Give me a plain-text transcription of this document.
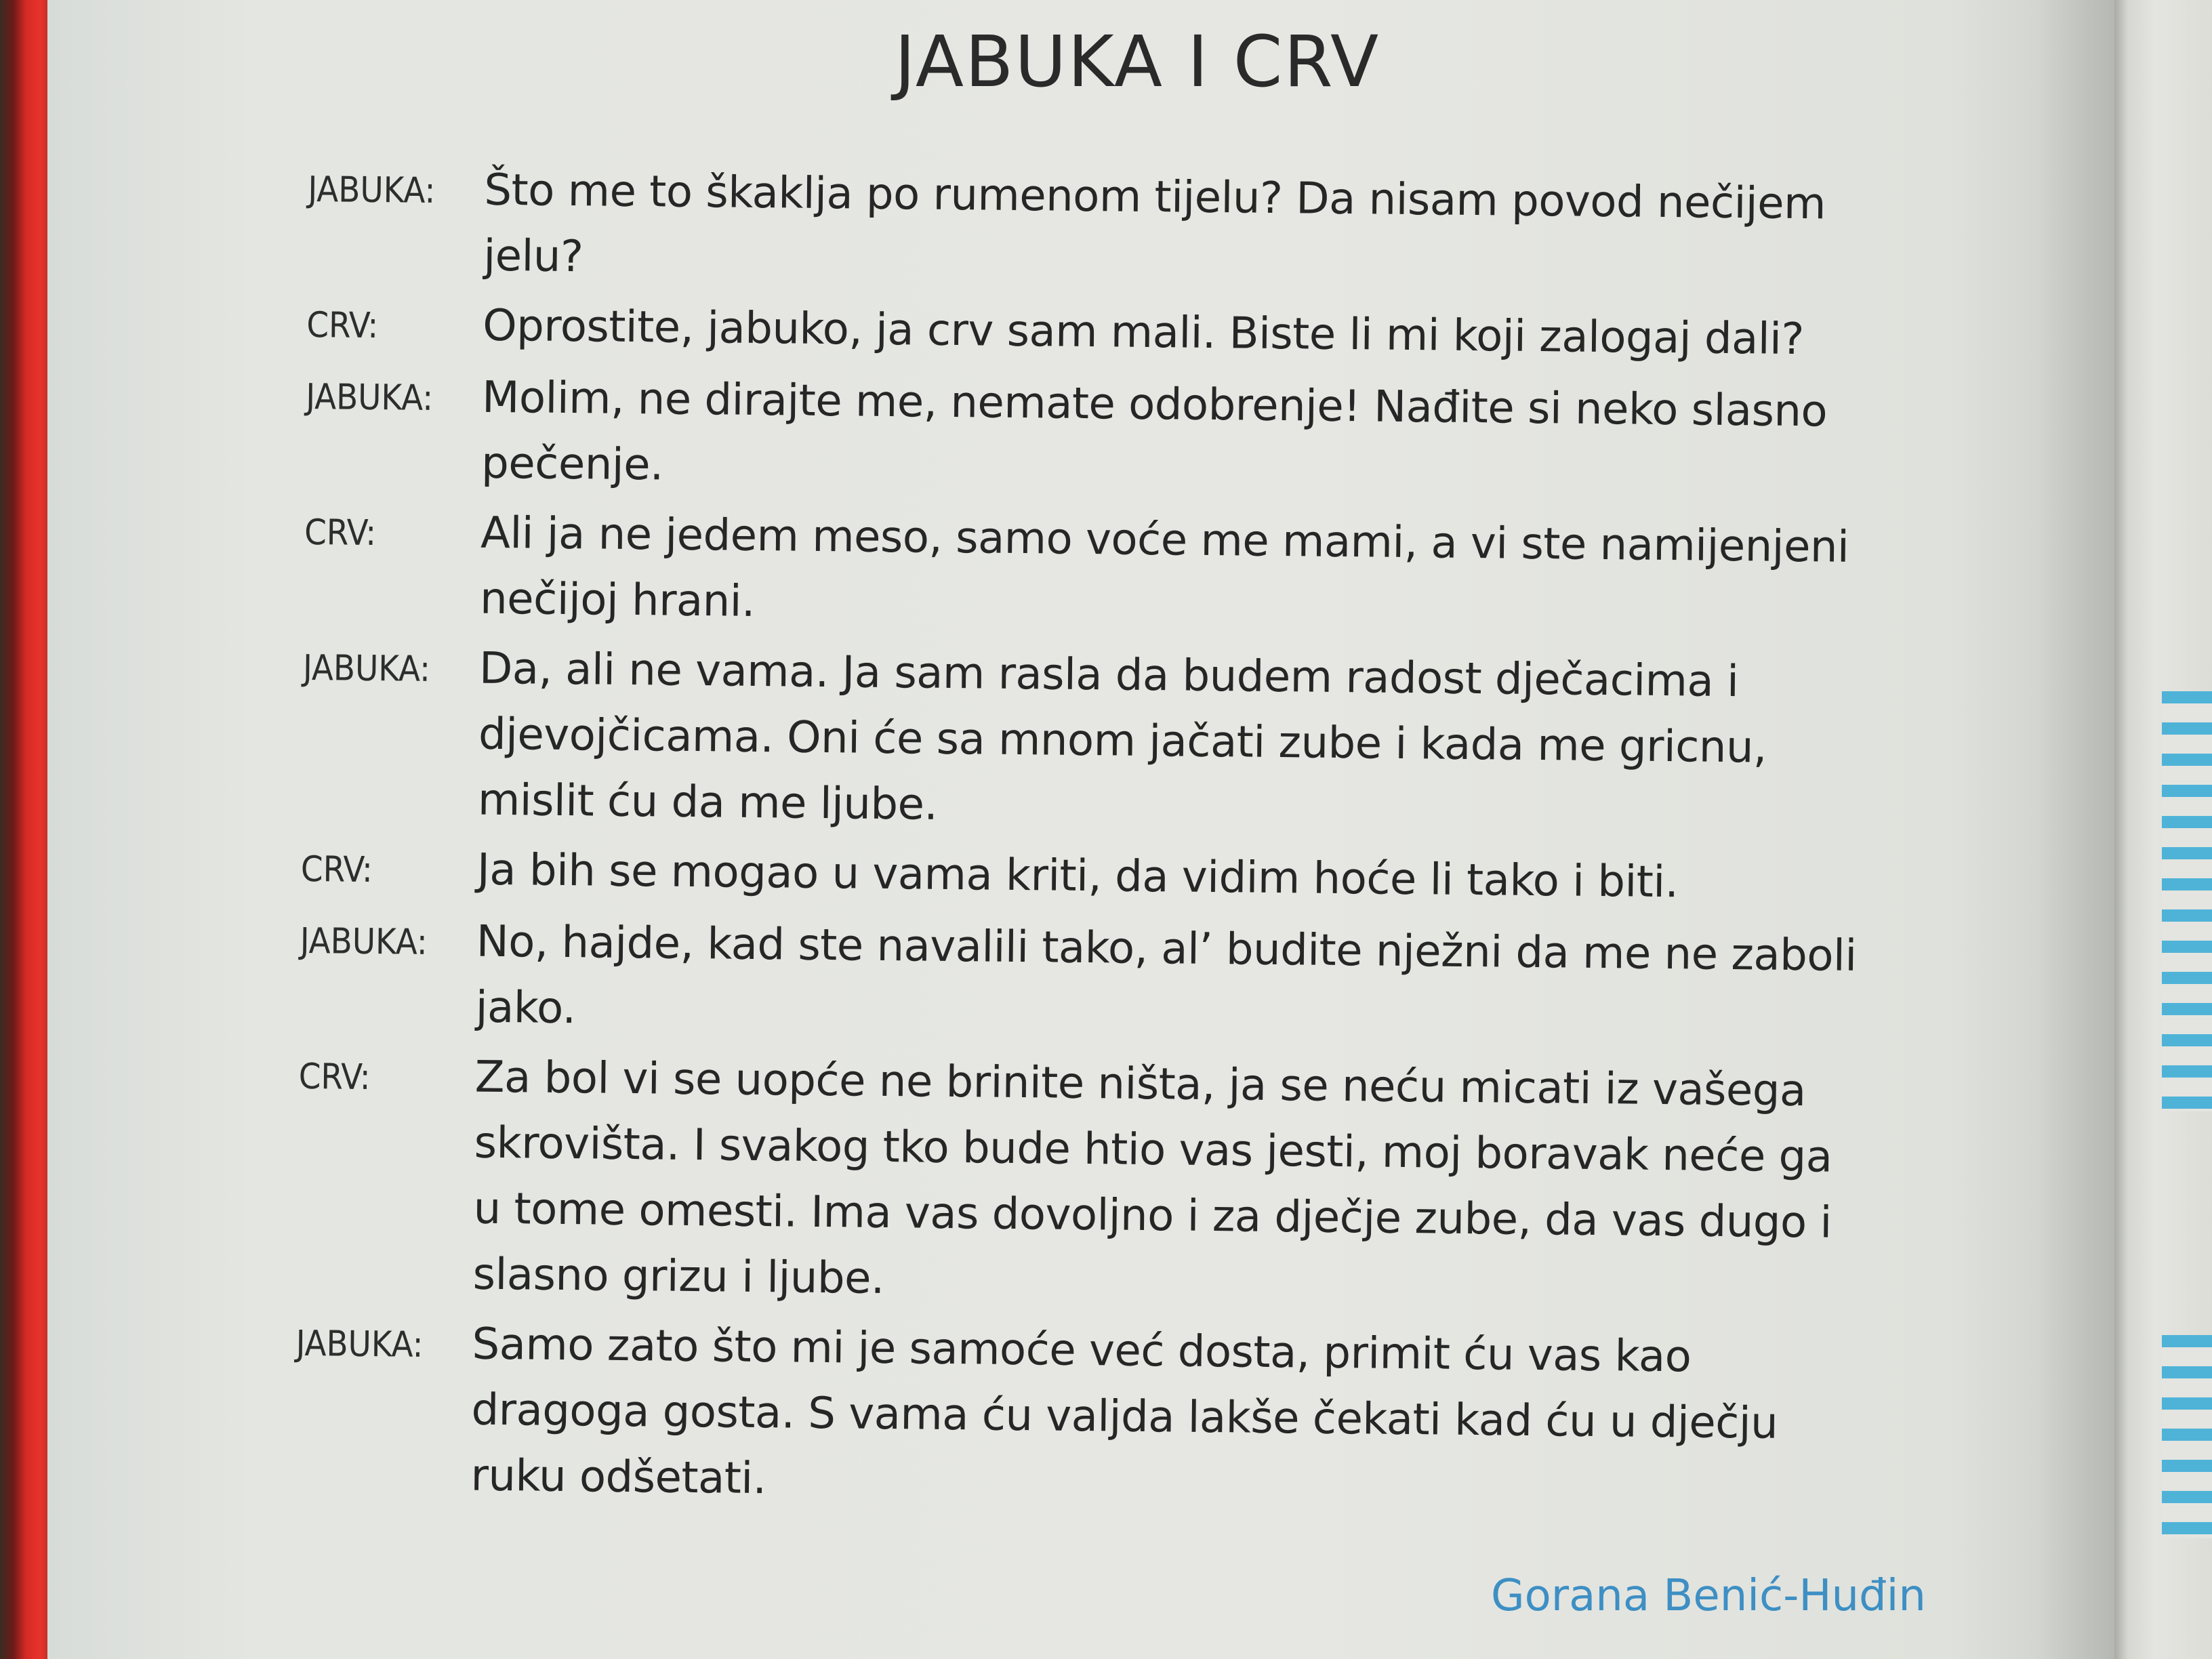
JABUKA I CRV
JABUKA:	Što me to škaklja po rumenom tijelu? Da nisam povod nečijem jelu?
CRV:	Oprostite, jabuko, ja crv sam mali. Biste li mi koji zalogaj dali?
JABUKA:	Molim, ne dirajte me, nemate odobrenje! Nađite si neko slasno pečenje.
CRV:	Ali ja ne jedem meso, samo voće me mami, a vi ste namijenjeni nečijoj hrani.
JABUKA:	Da, ali ne vama. Ja sam rasla da budem radost dječacima i djevojčicama. Oni će sa mnom jačati zube i kada me gricnu, mislit ću da me ljube.
CRV:	Ja bih se mogao u vama kriti, da vidim hoće li tako i biti.
JABUKA:	No, hajde, kad ste navalili tako, al’ budite nježni da me ne zaboli jako.
CRV:	Za bol vi se uopće ne brinite ništa, ja se neću micati iz vašega skrovišta. I svakog tko bude htio vas jesti, moj boravak neće ga u tome omesti. Ima vas dovoljno i za dječje zube, da vas dugo i slasno grizu i ljube.
JABUKA:	Samo zato što mi je samoće već dosta, primit ću vas kao dragoga gosta. S vama ću valjda lakše čekati kad ću u dječju ruku odšetati.
Gorana Benić-Huđin
